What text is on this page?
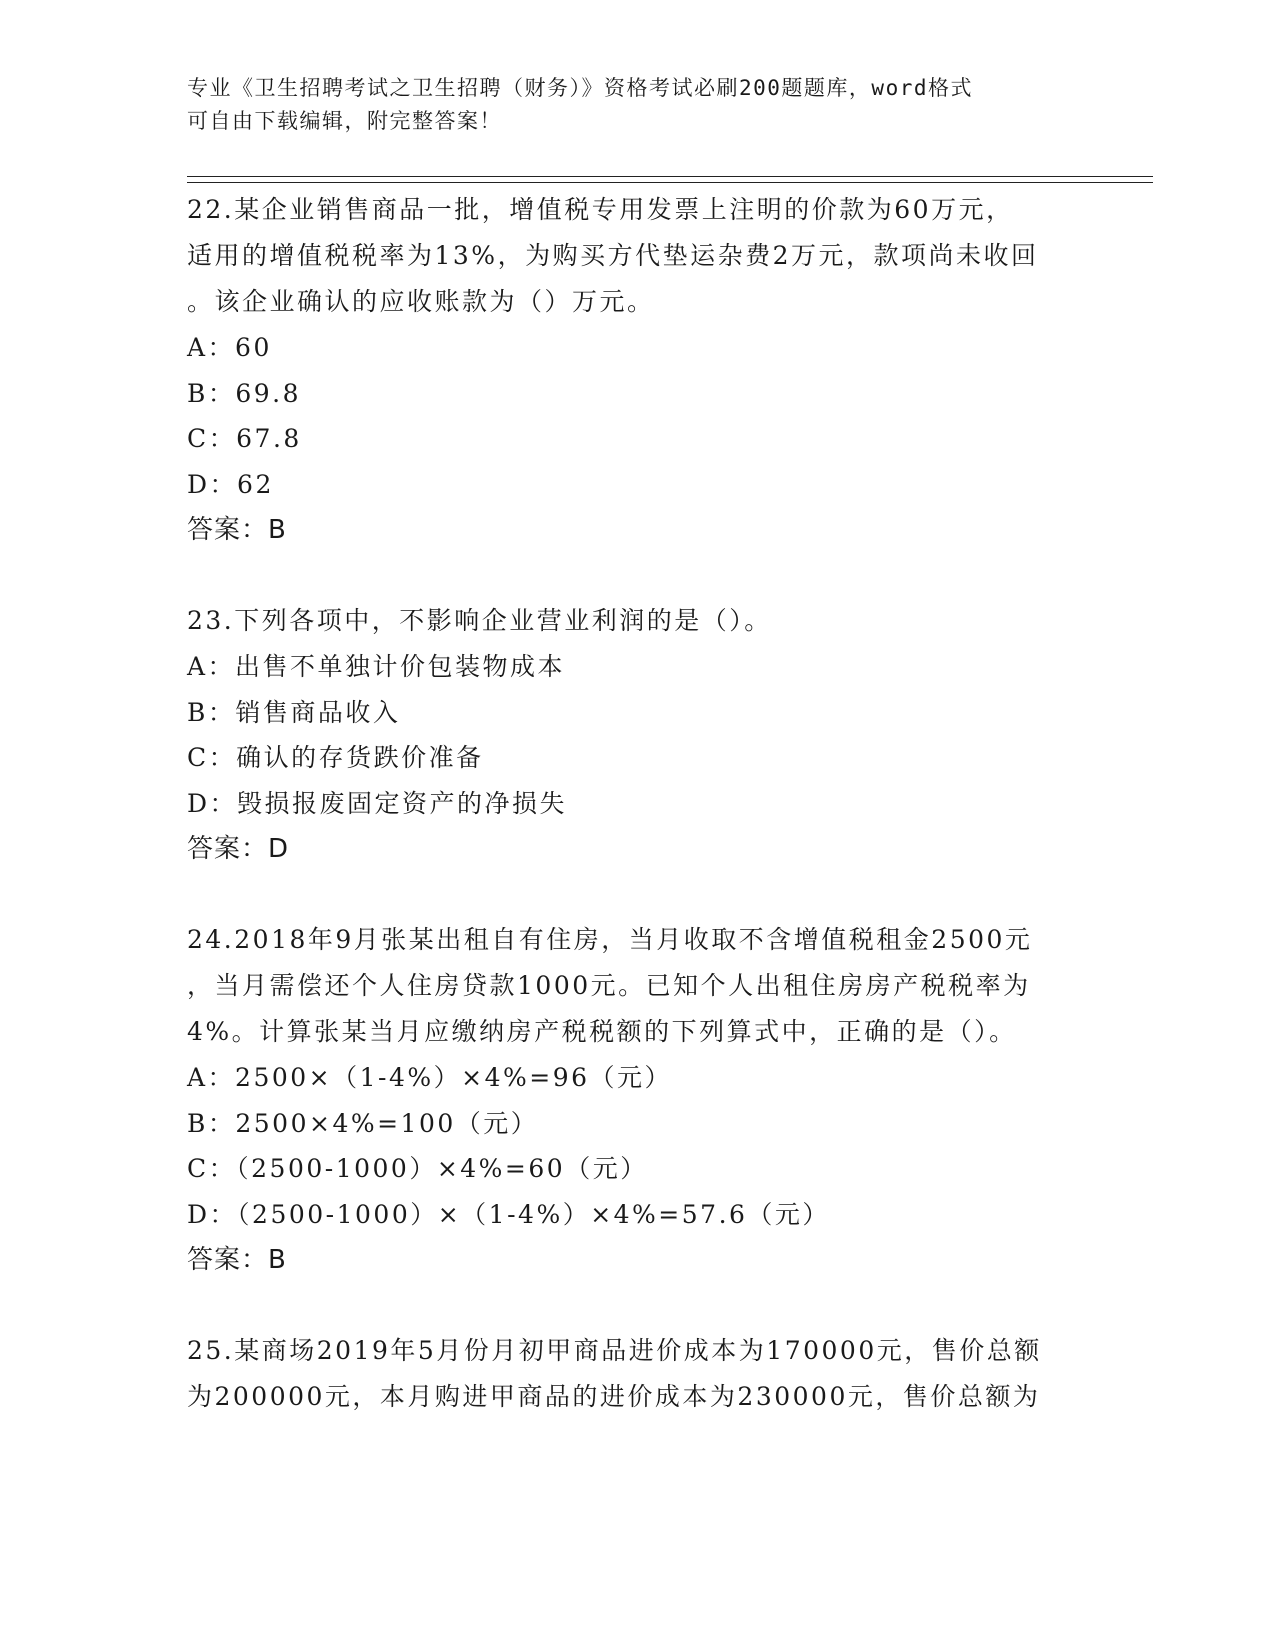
专业《卫生招聘考试之卫生招聘（财务）》资格考试必刷200题题库，word格式
可自由下载编辑，附完整答案！
22.某企业销售商品一批，增值税专用发票上注明的价款为60万元，
适用的增值税税率为13%，为购买方代垫运杂费2万元，款项尚未收回
。该企业确认的应收账款为（）万元。
A：60
B：69.8
C：67.8
D：62
答案：B
23.下列各项中，不影响企业营业利润的是（）。
A：出售不单独计价包装物成本
B：销售商品收入
C：确认的存货跌价准备
D：毁损报废固定资产的净损失
答案：D
24.2018年9月张某出租自有住房，当月收取不含增值税租金2500元
，当月需偿还个人住房贷款1000元。已知个人出租住房房产税税率为
4%。计算张某当月应缴纳房产税税额的下列算式中，正确的是（）。
A：2500×（1-4%）×4%=96（元）
B：2500×4%=100（元）
C：（2500-1000）×4%=60（元）
D：（2500-1000）×（1-4%）×4%=57.6（元）
答案：B
25.某商场2019年5月份月初甲商品进价成本为170000元，售价总额
为200000元，本月购进甲商品的进价成本为230000元，售价总额为
